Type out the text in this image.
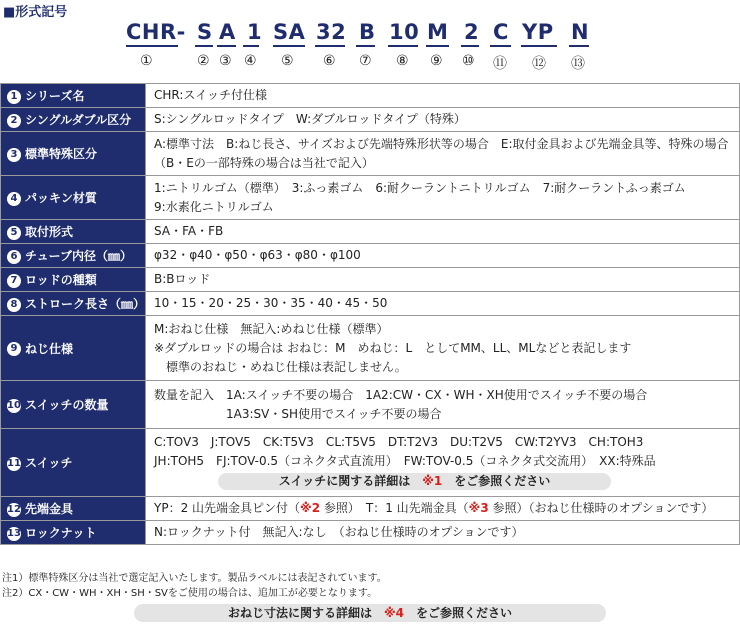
■形式記号
CHR-
①
S
②
A
③
1
④
SA
⑤
32
⑥
B
⑦
10
⑧
M
⑨
2
⑩
C
⑪
YP
⑫
N
⑬
1 シリーズ名	CHR:スイッチ付仕様

2 シングルダブル区分	S:シングルロッドタイプ　W:ダブルロッドタイプ（特殊）

3 標準特殊区分	A:標準寸法　B:ねじ長さ、サイズおよび先端特殊形状等の場合　E:取付金具および先端金具等、特殊の場合
（B・Eの一部特殊の場合は当社で記入）

4 パッキン材質	1:ニトリルゴム（標準）　3:ふっ素ゴム　6:耐クーラントニトリルゴム　7:耐クーラントふっ素ゴム
9:水素化ニトリルゴム

5 取付形式	SA・FA・FB

6 チューブ内径（㎜）	φ32・φ40・φ50・φ63・φ80・φ100

7 ロッドの種類	B:Bロッド

8 ストローク長さ（㎜）	10・15・20・25・30・35・40・45・50

9 ねじ仕様	M:おねじ仕様　無記入:めねじ仕様（標準）
※ダブルロッドの場合は おねじ：M　めねじ：L　としてMM、LL、MLなどと表記します
　標準のおねじ・めねじ仕様は表記しません。

10 スイッチの数量	数量を記入　1A:スイッチ不要の場合　1A2:CW・CX・WH・XH使用でスイッチ不要の場合
　　　　　　1A3:SV・SH使用でスイッチ不要の場合

11 スイッチ	C:TOV3　J:TOV5　CK:T5V3　CL:T5V5　DT:T2V3　DU:T2V5　CW:T2YV3　CH:TOH3
JH:TOH5　FJ:TOV-0.5（コネクタ式直流用）　FW:TOV-0.5（コネクタ式交流用）　XX:特殊品
スイッチに関する詳細は　※1　をご参照ください

12 先端金具	YP：2 山先端金具ピン付（※2 参照）　T：1 山先端金具（※3 参照）（おねじ仕様時のオプションです）
13 ロックナット	N:ロックナット付　無記入:なし　（おねじ仕様時のオプションです）
注1）標準特殊区分は当社で選定記入いたします。製品ラベルには表記されています。
注2）CX・CW・WH・XH・SH・SVをご使用の場合は、追加工が必要となります。
おねじ寸法に関する詳細は　※4　をご参照ください
